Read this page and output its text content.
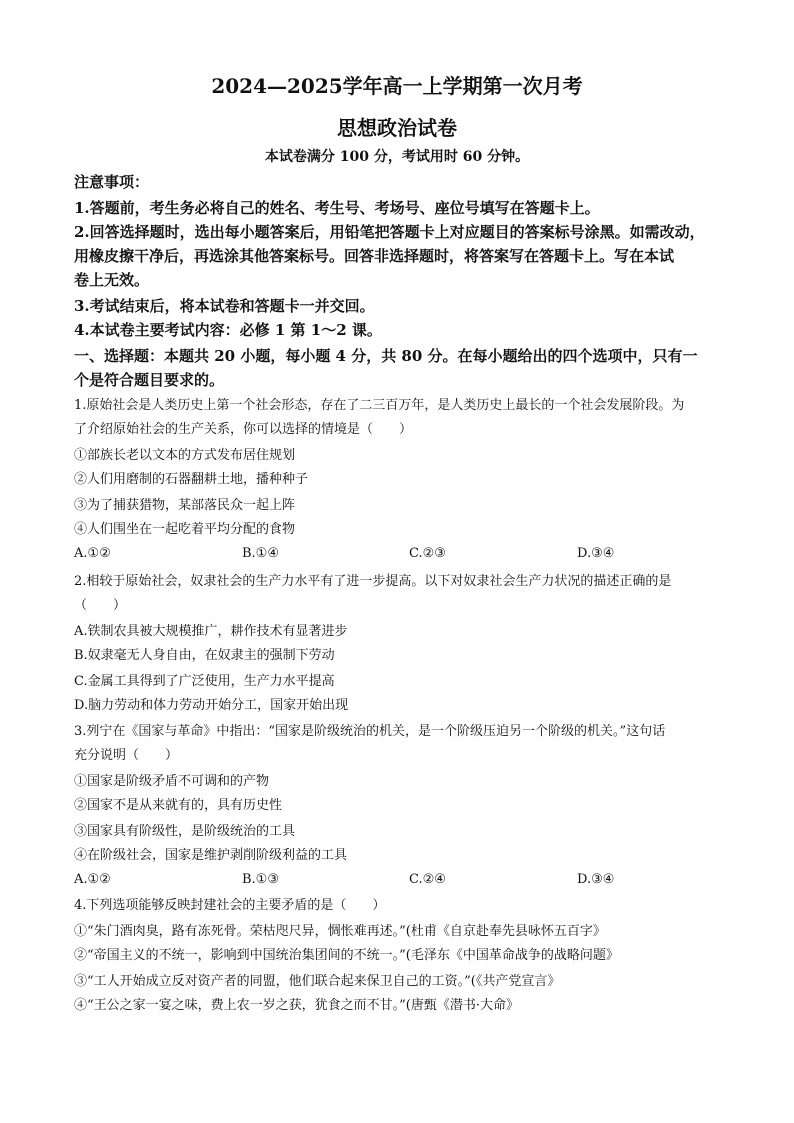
2024—2025学年高一上学期第一次月考
思想政治试卷
本试卷满分 100 分，考试用时 60 分钟。
注意事项：
1.答题前，考生务必将自己的姓名、考生号、考场号、座位号填写在答题卡上。
2.回答选择题时，选出每小题答案后，用铅笔把答题卡上对应题目的答案标号涂黑。如需改动，
用橡皮擦干净后，再选涂其他答案标号。回答非选择题时，将答案写在答题卡上。写在本试
卷上无效。
3.考试结束后，将本试卷和答题卡一并交回。
4.本试卷主要考试内容：必修 1 第 1～2 课。
一、选择题：本题共 20 小题，每小题 4 分，共 80 分。在每小题给出的四个选项中，只有一
个是符合题目要求的。
1.原始社会是人类历史上第一个社会形态，存在了二三百万年，是人类历史上最长的一个社会发展阶段。为
了介绍原始社会的生产关系，你可以选择的情境是（　　）
①部族长老以文本的方式发布居住规划
②人们用磨制的石器翻耕土地，播种种子
③为了捕获猎物，某部落民众一起上阵
④人们围坐在一起吃着平均分配的食物
A.①②	B.①④	C.②③	D.③④
2.相较于原始社会，奴隶社会的生产力水平有了进一步提高。以下对奴隶社会生产力状况的描述正确的是
（　　）
A.铁制农具被大规模推广，耕作技术有显著进步
B.奴隶毫无人身自由，在奴隶主的强制下劳动
C.金属工具得到了广泛使用，生产力水平提高
D.脑力劳动和体力劳动开始分工，国家开始出现
3.列宁在《国家与革命》中指出：“国家是阶级统治的机关，是一个阶级压迫另一个阶级的机关。”这句话
充分说明（　　）
①国家是阶级矛盾不可调和的产物
②国家不是从来就有的，具有历史性
③国家具有阶级性，是阶级统治的工具
④在阶级社会，国家是维护剥削阶级利益的工具
A.①②	B.①③	C.②④	D.③④
4.下列选项能够反映封建社会的主要矛盾的是（　　）
①“朱门酒肉臭，路有冻死骨。荣枯咫尺异，惆怅难再述。”(杜甫《自京赴奉先县咏怀五百字》
②“帝国主义的不统一，影响到中国统治集团间的不统一。”(毛泽东《中国革命战争的战略问题》
③“工人开始成立反对资产者的同盟，他们联合起来保卫自己的工资。”(《共产党宣言》
④“王公之家一宴之味，费上农一岁之获，犹食之而不甘。”(唐甄《潜书·大命》
